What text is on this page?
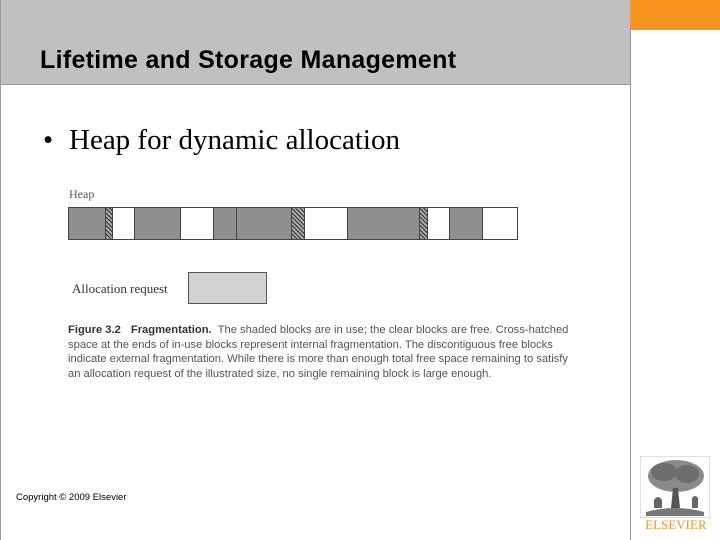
Lifetime and Storage Management
• Heap for dynamic allocation
Heap
Allocation request
Figure 3.2 Fragmentation. The shaded blocks are in use; the clear blocks are free. Cross-hatched space at the ends of in-use blocks represent internal fragmentation. The discontiguous free blocks indicate external fragmentation. While there is more than enough total free space remaining to satisfy an allocation request of the illustrated size, no single remaining block is large enough.
Copyright © 2009 Elsevier
ELSEVIER
